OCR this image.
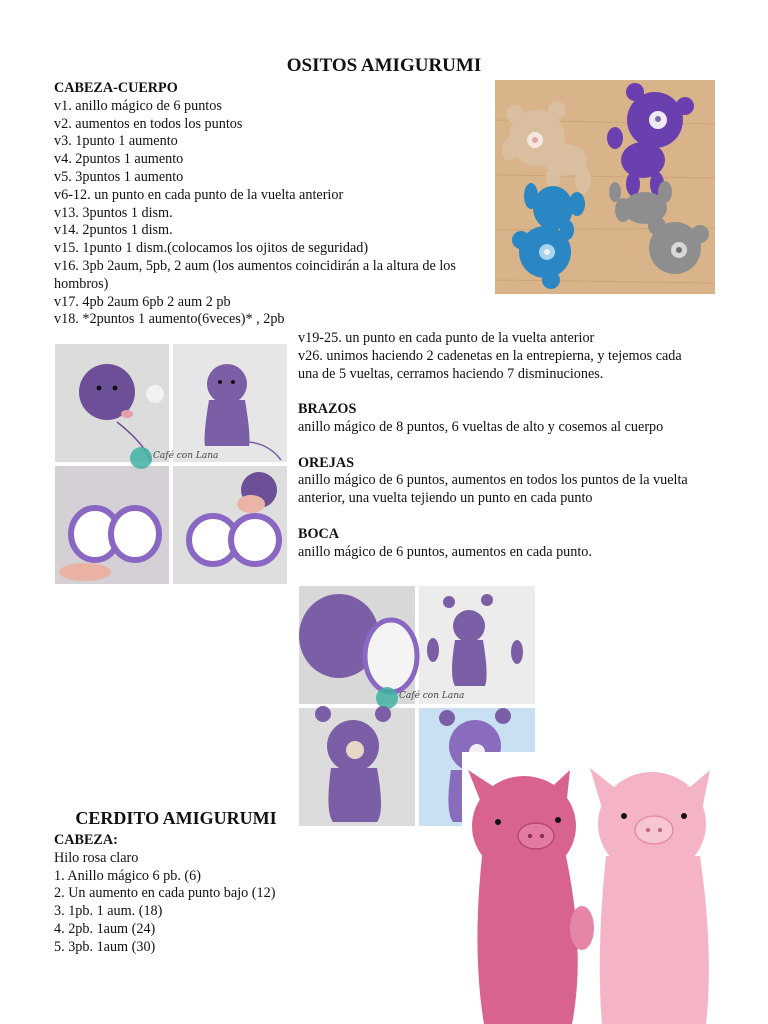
OSITOS AMIGURUMI
CABEZA-CUERPO
v1. anillo mágico de 6 puntos
v2. aumentos en todos los puntos
v3. 1punto 1 aumento
v4. 2puntos 1 aumento
v5. 3puntos 1 aumento
v6-12. un punto en cada punto de la vuelta anterior
v13. 3puntos 1 dism.
v14. 2puntos 1 dism.
v15. 1punto 1 dism.(colocamos los ojitos de seguridad)
v16. 3pb 2aum, 5pb, 2 aum (los aumentos coincidirán a la altura de los
hombros)
v17. 4pb 2aum 6pb 2 aum 2 pb
v18. *2puntos 1 aumento(6veces)* , 2pb
Café con Lana
v19-25. un punto en cada punto de la vuelta anterior
v26. unimos haciendo 2 cadenetas en la entrepierna, y tejemos cada
una de 5 vueltas, cerramos haciendo 7 disminuciones.
BRAZOS
anillo mágico de 8 puntos, 6 vueltas de alto y cosemos al cuerpo
OREJAS
anillo mágico de 6 puntos, aumentos en todos los puntos de la vuelta
anterior, una vuelta tejiendo un punto en cada punto
BOCA
anillo mágico de 6 puntos, aumentos en cada punto.
Café con Lana
CERDITO AMIGURUMI
CABEZA:
Hilo rosa claro
1. Anillo mágico 6 pb. (6)
2. Un aumento en cada punto bajo (12)
3. 1pb. 1 aum. (18)
4. 2pb. 1aum (24)
5. 3pb. 1aum (30)
